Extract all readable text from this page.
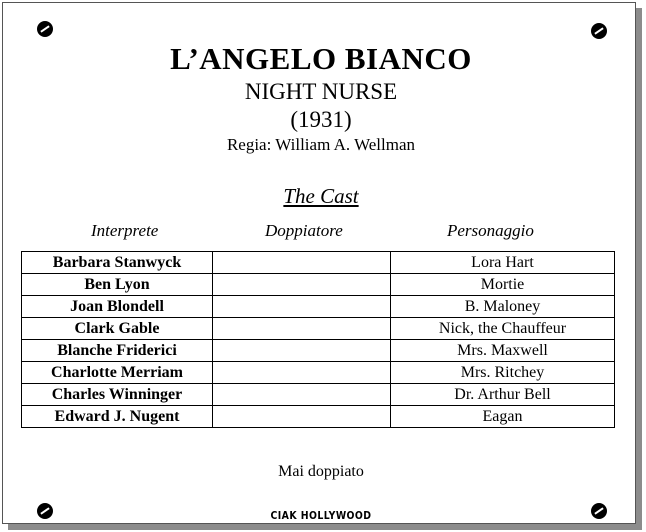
L’ANGELO BIANCO
NIGHT NURSE
(1931)
Regia: William A. Wellman
The Cast
Interprete	Doppiatore	Personaggio
Barbara Stanwyck		Lora Hart
Ben Lyon		Mortie
Joan Blondell		B. Maloney
Clark Gable		Nick, the Chauffeur
Blanche Friderici		Mrs. Maxwell
Charlotte Merriam		Mrs. Ritchey
Charles Winninger		Dr. Arthur Bell
Edward J. Nugent		Eagan
Mai doppiato
CIAK HOLLYWOOD
